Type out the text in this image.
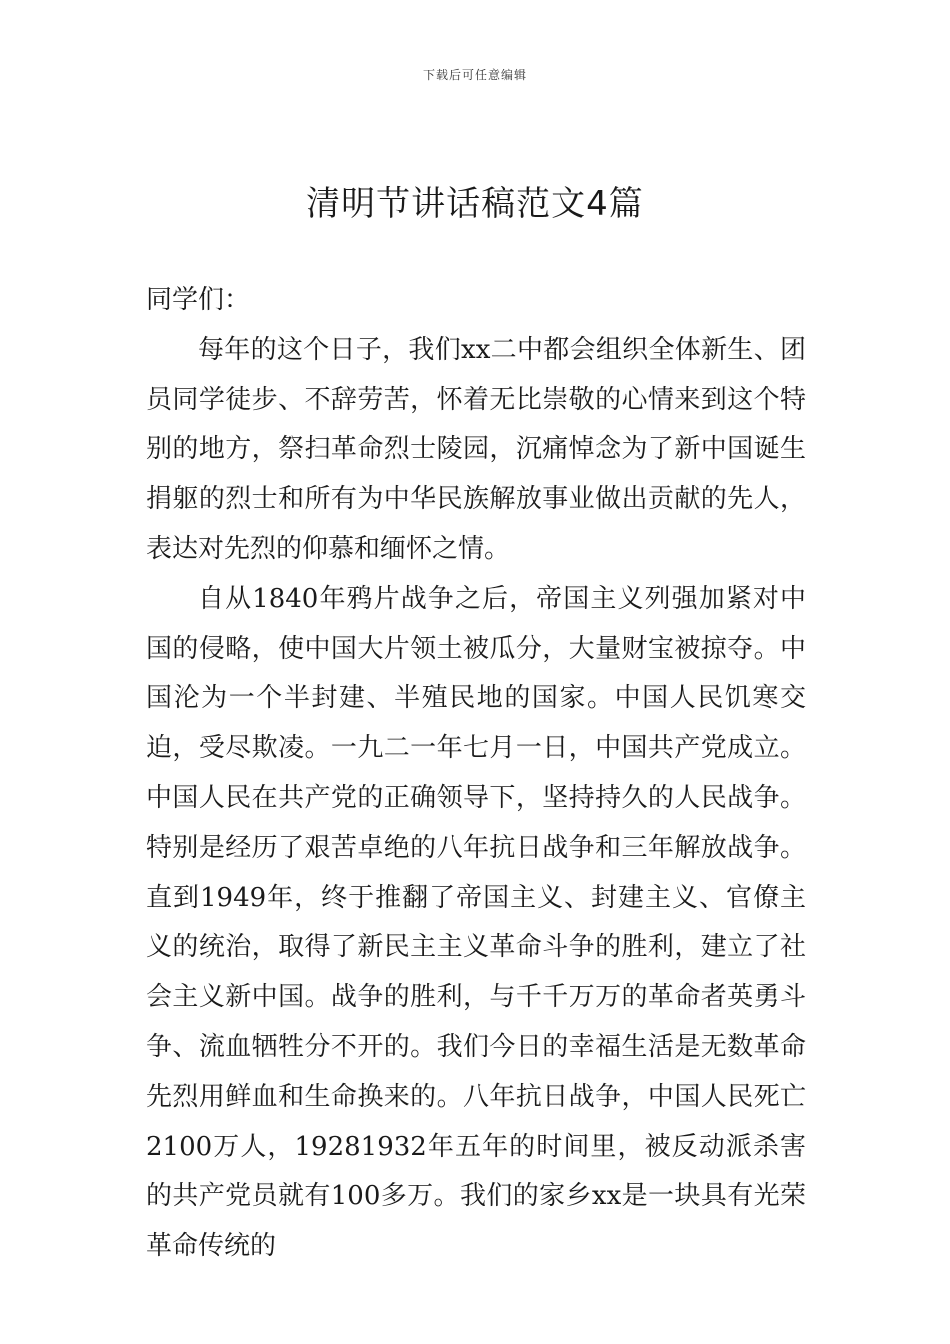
下载后可任意编辑
清明节讲话稿范文4篇

同学们：

每年的这个日子，我们xx二中都会组织全体新生、团员同学徒步、不辞劳苦，怀着无比崇敬的心情来到这个特别的地方，祭扫革命烈士陵园，沉痛悼念为了新中国诞生捐躯的烈士和所有为中华民族解放事业做出贡献的先人，表达对先烈的仰慕和缅怀之情。

自从1840年鸦片战争之后，帝国主义列强加紧对中国的侵略，使中国大片领土被瓜分，大量财宝被掠夺。中国沦为一个半封建、半殖民地的国家。中国人民饥寒交迫，受尽欺凌。一九二一年七月一日，中国共产党成立。中国人民在共产党的正确领导下，坚持持久的人民战争。特别是经历了艰苦卓绝的八年抗日战争和三年解放战争。直到1949年，终于推翻了帝国主义、封建主义、官僚主义的统治，取得了新民主主义革命斗争的胜利，建立了社会主义新中国。战争的胜利，与千千万万的革命者英勇斗争、流血牺牲分不开的。我们今日的幸福生活是无数革命先烈用鲜血和生命换来的。八年抗日战争，中国人民死亡2100万人，19281932年五年的时间里，被反动派杀害的共产党员就有100多万。我们的家乡xx是一块具有光荣革命传统的
